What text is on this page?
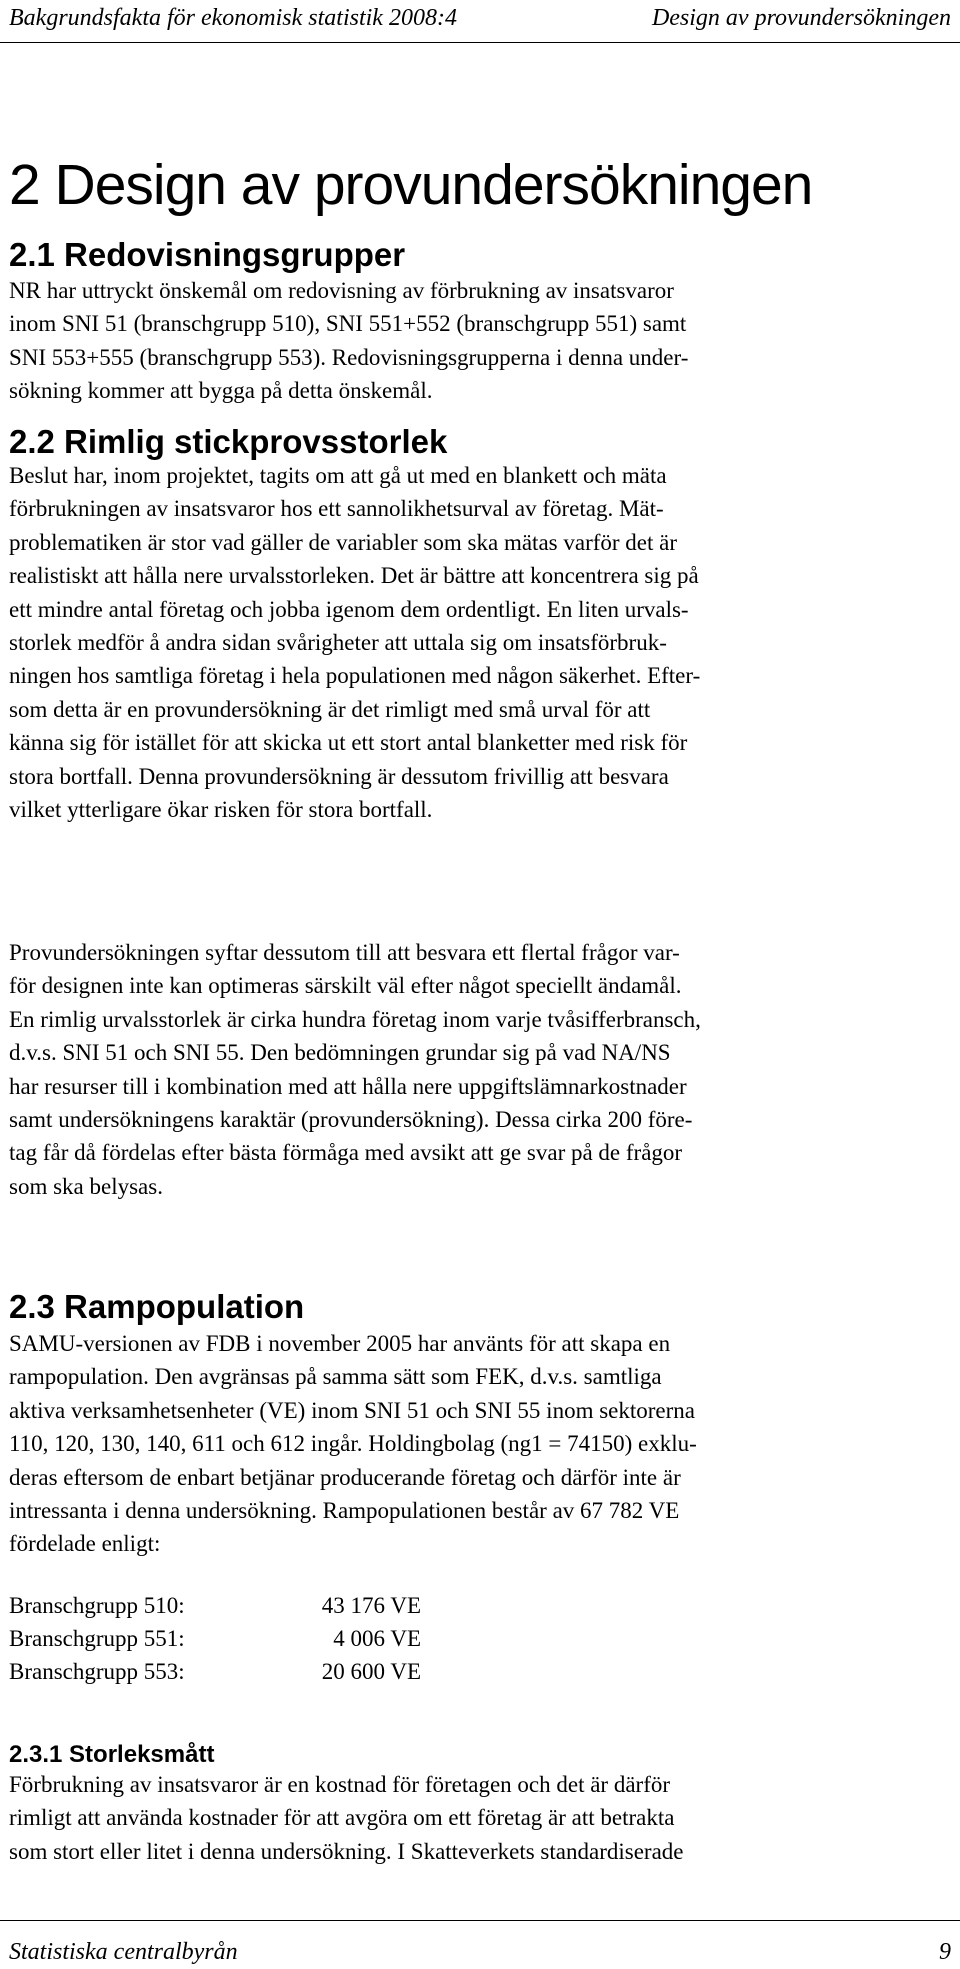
Bakgrundsfakta för ekonomisk statistik 2008:4	Design av provundersökningen
2 Design av provundersökningen
2.1 Redovisningsgrupper
NR har uttryckt önskemål om redovisning av förbrukning av insatsvaror
inom SNI 51 (branschgrupp 510), SNI 551+552 (branschgrupp 551) samt
SNI 553+555 (branschgrupp 553). Redovisningsgrupperna i denna under-
sökning kommer att bygga på detta önskemål.
2.2 Rimlig stickprovsstorlek
Beslut har, inom projektet, tagits om att gå ut med en blankett och mäta
förbrukningen av insatsvaror hos ett sannolikhetsurval av företag. Mät-
problematiken är stor vad gäller de variabler som ska mätas varför det är
realistiskt att hålla nere urvalsstorleken. Det är bättre att koncentrera sig på
ett mindre antal företag och jobba igenom dem ordentligt. En liten urvals-
storlek medför å andra sidan svårigheter att uttala sig om insatsförbruk-
ningen hos samtliga företag i hela populationen med någon säkerhet. Efter-
som detta är en provundersökning är det rimligt med små urval för att
känna sig för istället för att skicka ut ett stort antal blanketter med risk för
stora bortfall. Denna provundersökning är dessutom frivillig att besvara
vilket ytterligare ökar risken för stora bortfall.
Provundersökningen syftar dessutom till att besvara ett flertal frågor var-
för designen inte kan optimeras särskilt väl efter något speciellt ändamål.
En rimlig urvalsstorlek är cirka hundra företag inom varje tvåsifferbransch,
d.v.s. SNI 51 och SNI 55. Den bedömningen grundar sig på vad NA/NS
har resurser till i kombination med att hålla nere uppgiftslämnarkostnader
samt undersökningens karaktär (provundersökning). Dessa cirka 200 före-
tag får då fördelas efter bästa förmåga med avsikt att ge svar på de frågor
som ska belysas.
2.3 Rampopulation
SAMU-versionen av FDB i november 2005 har använts för att skapa en
rampopulation. Den avgränsas på samma sätt som FEK, d.v.s. samtliga
aktiva verksamhetsenheter (VE) inom SNI 51 och SNI 55 inom sektorerna
110, 120, 130, 140, 611 och 612 ingår. Holdingbolag (ng1 = 74150) exklu-
deras eftersom de enbart betjänar producerande företag och därför inte är
intressanta i denna undersökning. Rampopulationen består av 67 782 VE
fördelade enligt:
Branschgrupp 510:	43 176 VE
Branschgrupp 551:	4 006 VE
Branschgrupp 553:	20 600 VE
2.3.1 Storleksmått
Förbrukning av insatsvaror är en kostnad för företagen och det är därför
rimligt att använda kostnader för att avgöra om ett företag är att betrakta
som stort eller litet i denna undersökning. I Skatteverkets standardiserade
Statistiska centralbyrån	9
